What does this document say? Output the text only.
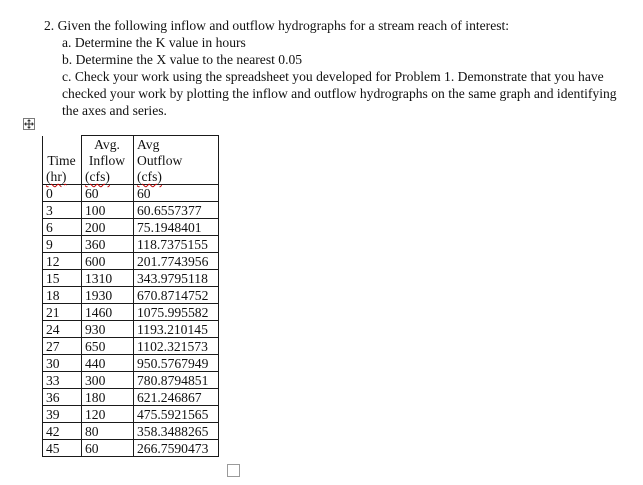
2. Given the following inflow and outflow hydrographs for a stream reach of interest:
a. Determine the K value in hours
b. Determine the X value to the nearest 0.05
c. Check your work using the spreadsheet you developed for Problem 1. Demonstrate that you have checked your work by plotting the inflow and outflow hydrographs on the same graph and identifying the axes and series.
	Avg.	Avg
Time	Inflow	Outflow
(hr)	(cfs)	(cfs)
0	60	60
3	100	60.6557377
6	200	75.1948401
9	360	118.7375155
12	600	201.7743956
15	1310	343.9795118
18	1930	670.8714752
21	1460	1075.995582
24	930	1193.210145
27	650	1102.321573
30	440	950.5767949
33	300	780.8794851
36	180	621.246867
39	120	475.5921565
42	80	358.3488265
45	60	266.7590473
